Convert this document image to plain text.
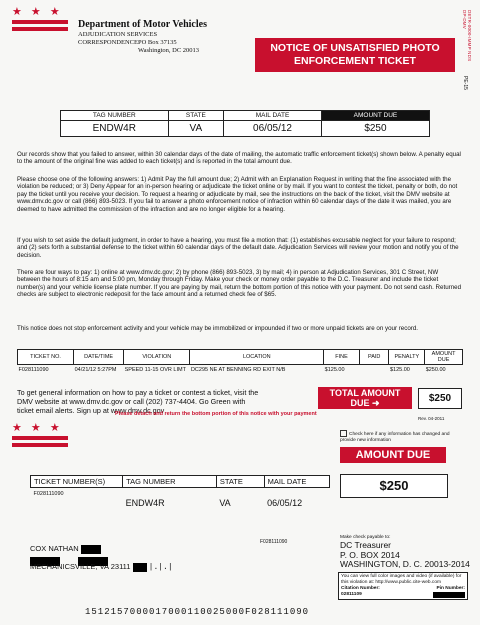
★ ★ ★
Department of Motor Vehicles
ADJUDICATION SERVICES
CORRESPONDENCE:
PO Box 37135
Washington, DC 20013	NOTICE OF UNSATISFIED PHOTO
ENFORCEMENT TICKET	DETR-0000-IMMP NDS DP-DMV
PE-15
TAG NUMBER	STATE	MAIL DATE	AMOUNT DUE
ENDW4R	VA	06/05/12	$250
Our records show that you failed to answer, within 30 calendar days of the date of mailing, the automatic traffic enforcement ticket(s) shown below. A penalty equal to the amount of the original fine was added to each ticket(s) and is reported in the total amount due.
Please choose one of the following answers: 1) Admit Pay the full amount due; 2) Admit with an Explanation Request in writing that the fine associated with the violation be reduced; or 3) Deny Appear for an in-person hearing or adjudicate the ticket online or by mail. If you want to contest the ticket, penalty or both, do not pay the ticket until you receive your decision. To request a hearing or adjudicate by mail, see the instructions on the back of the ticket, visit the DMV website at www.dmv.dc.gov or call (866) 893-5023. If you fail to answer a photo enforcement notice of infraction within 60 calendar days of the date it was mailed, you are deemed to have admitted the commission of the infraction and are no longer eligible for a hearing.
If you wish to set aside the default judgment, in order to have a hearing, you must file a motion that: (1) establishes excusable neglect for your failure to respond; and (2) sets forth a substantial defense to the ticket within 60 calendar days of the default date. Adjudication Services will review your motion and notify you of the decision.
There are four ways to pay: 1) online at www.dmv.dc.gov; 2) by phone (866) 893-5023, 3) by mail; 4) in person at Adjudication Services, 301 C Street, NW between the hours of 8:15 am and 5:00 pm, Monday through Friday. Make your check or money order payable to the D.C. Treasurer and include the ticket number(s) and your vehicle license plate number. If you are paying by mail, return the bottom portion of this notice with your payment. Do not send cash. Returned checks are subject to electronic redeposit for the face amount and a returned check fee of $65.
This notice does not stop enforcement activity and your vehicle may be immobilized or impounded if two or more unpaid tickets are on your record.
TICKET NO.	DATE/TIME	VIOLATION	LOCATION	FINE	PAID	PENALTY	AMOUNT DUE
F028111090	04/21/12 5:27PM	SPEED 11-15 OVR LIMT	DC295 NE AT BENNING RD EXIT N/B	$125.00		$125.00	$250.00
To get general information on how to pay a ticket or contest a ticket, visit the
DMV website at www.dmv.dc.gov or call (202) 737-4404. Go Green with
ticket email alerts. Sign up at www.dmv.dc.gov
Please detach and return the bottom portion of this notice with your payment
TOTAL AMOUNT
DUE ➜	$250
Rev. 04-2011
★ ★ ★
Check here if any information has changed and provide new information
AMOUNT DUE
$250
TICKET NUMBER(S)	TAG NUMBER	STATE	MAIL DATE
F028111090	ENDW4R	VA	06/05/12
F028111090
COX NATHAN

MECHANICSVILLE, VA 23111 |.|.|
Make check payable to:
DC Treasurer
P. O. BOX 2014
WASHINGTON, D. C. 20013-2014
You can view full color images and video (if available) for
this violation at: http://www.public.cite-web.com
Citation Number:	Pin Number:
02811109
1512157000017000110025000F028111090
